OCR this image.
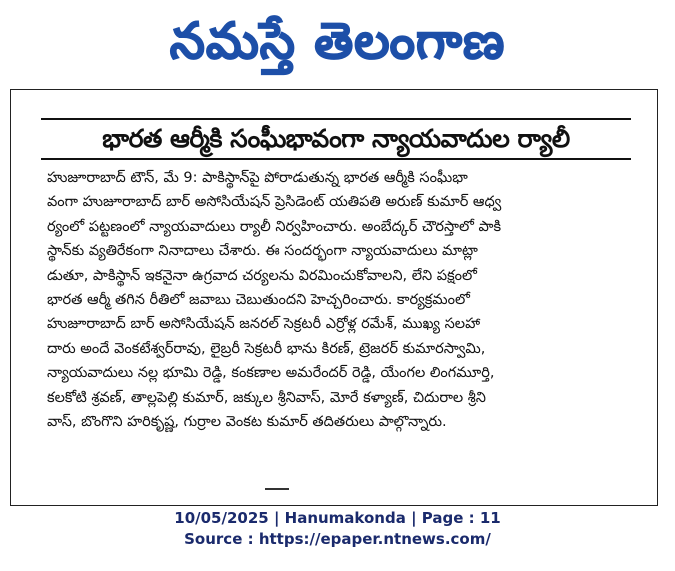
నమస్తే తెలంగాణ
భారత ఆర్మీకి సంఘీభావంగా న్యాయవాదుల ర్యాలీ
హుజూరాబాద్ టౌన్, మే 9: పాకిస్థాన్‌పై పోరాడుతున్న భారత ఆర్మీకి సంఘీభా
వంగా హుజూరాబాద్ బార్ అసోసియేషన్ ప్రెసిడెంట్ యతిపతి అరుణ్ కుమార్ ఆధ్వ
ర్యంలో పట్టణంలో న్యాయవాదులు ర్యాలీ నిర్వహించారు. అంబేద్కర్ చౌరస్తాలో పాకి
స్థాన్‌కు వ్యతిరేకంగా నినాదాలు చేశారు. ఈ సందర్భంగా న్యాయవాదులు మాట్లా
డుతూ, పాకిస్థాన్ ఇకనైనా ఉగ్రవాద చర్యలను విరమించుకోవాలని, లేని పక్షంలో
భారత ఆర్మీ తగిన రీతిలో జవాబు చెబుతుందని హెచ్చరించారు. కార్యక్రమంలో
హుజూరాబాద్ బార్ అసోసియేషన్ జనరల్ సెక్రటరీ ఎర్రోళ్ల రమేశ్, ముఖ్య సలహా
దారు అందే వెంకటేశ్వర్‌రావు, లైబ్రరీ సెక్రటరీ భాను కిరణ్, ట్రెజరర్ కుమారస్వామి,
న్యాయవాదులు నల్ల భూమి రెడ్డి, కంకణాల అమరేందర్ రెడ్డి, యేంగల లింగమూర్తి,
కలకోటి శ్రవణ్, తాల్లపెల్లి కుమార్, జక్కుల శ్రీనివాస్, మోరే కళ్యాణ్, చిదురాల శ్రీని
వాస్, బొంగొని హరికృష్ణ, గుర్రాల వెంకట కుమార్ తదితరులు పాల్గొన్నారు.
10/05/2025 | Hanumakonda | Page : 11
Source : https://epaper.ntnews.com/
